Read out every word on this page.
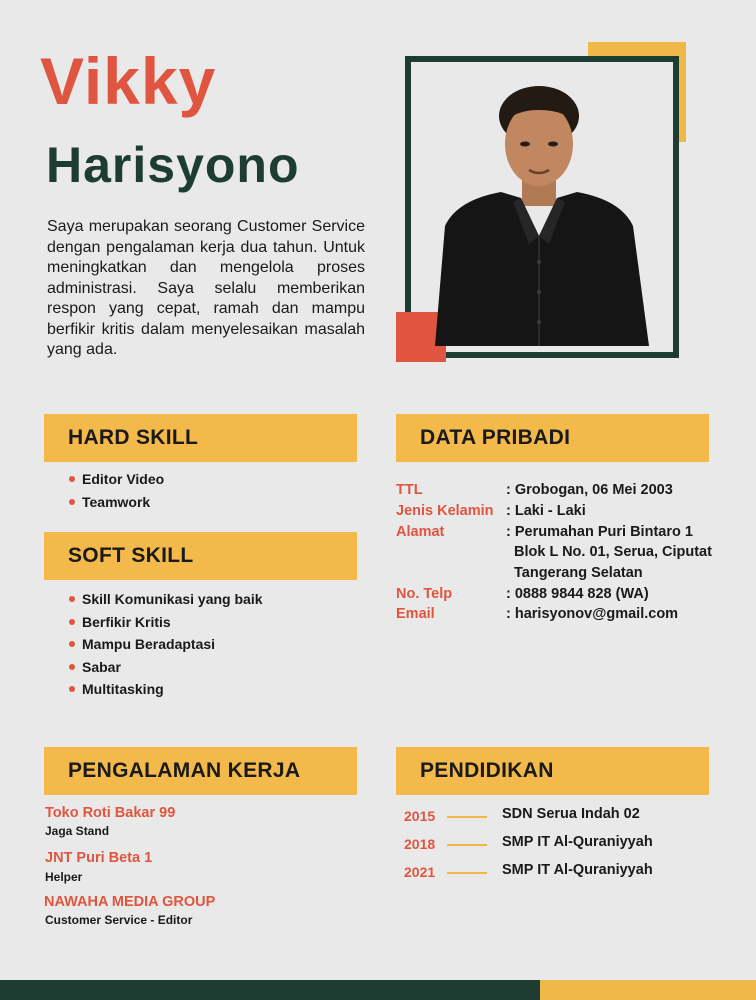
Vikky
Harisyono
Saya merupakan seorang Customer Service dengan pengalaman kerja dua tahun. Untuk meningkatkan dan mengelola proses administrasi. Saya selalu memberikan respon yang cepat, ramah dan mampu berfikir kritis dalam menyelesaikan masalah yang ada.
HARD SKILL
Editor Video
Teamwork
SOFT SKILL
Skill Komunikasi yang baik
Berfikir Kritis
Mampu Beradaptasi
Sabar
Multitasking
DATA PRIBADI
TTL	: Grobogan, 06 Mei 2003
Jenis Kelamin : Laki - Laki
Alamat	: Perumahan Puri Bintaro 1
Blok L No. 01, Serua, Ciputat
Tangerang Selatan
No. Telp	: 0888 9844 828 (WA)
Email	: harisyonov@gmail.com
PENGALAMAN KERJA
Toko Roti Bakar 99
Jaga Stand
JNT Puri Beta 1
Helper
NAWAHA MEDIA GROUP
Customer Service - Editor
PENDIDIKAN
2015	SDN Serua Indah 02
2018	SMP IT Al-Quraniyyah
2021	SMP IT Al-Quraniyyah
